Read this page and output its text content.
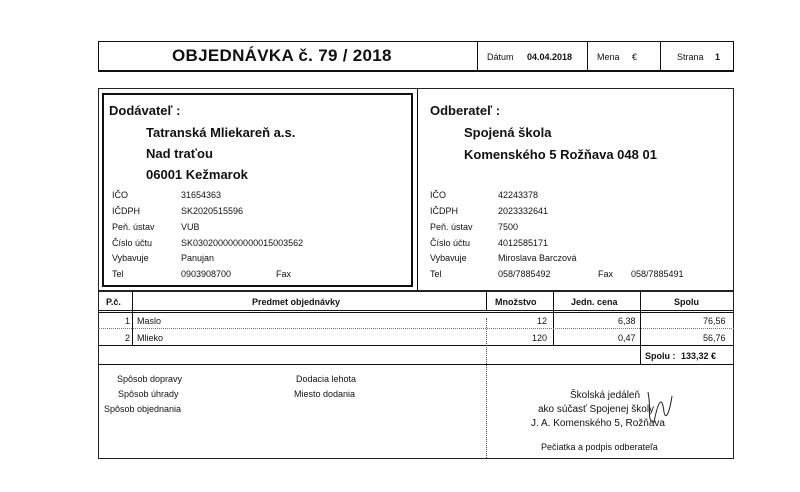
OBJEDNÁVKA č. 79 / 2018	Dátum 04.04.2018	Mena €	Strana 1
Dodávateľ :
Tatranská Mliekareň a.s.
Nad traťou
06001 Kežmarok
IČO	31654363
IČDPH	SK2020515596
Peň. ústav	VUB
Číslo účtu	SK0302000000000015003562
Vybavuje	Panujan
Tel	0903908700	Fax
Odberateľ :
Spojená škola
Komenského 5 Rožňava 048 01
IČO	42243378
IČDPH	2023332641
Peň. ústav	7500
Číslo účtu	4012585171
Vybavuje	Miroslava Barczová
Tel	058/7885492	Fax 058/7885491
P.č.	Predmet objednávky	Množstvo	Jedn. cena	Spolu
1 Maslo	12	6,38	76,56
2 Mlieko	120	0,47	56,76
Spolu : 133,32 €
Spôsob dopravy
Spôsob úhrady
Spôsob objednania
Dodacia lehota
Miesto dodania	Školská jedáleň
ako súčasť Spojenej školy
J. A. Komenského 5, Rožňava
Pečiatka a podpis odberateľa
